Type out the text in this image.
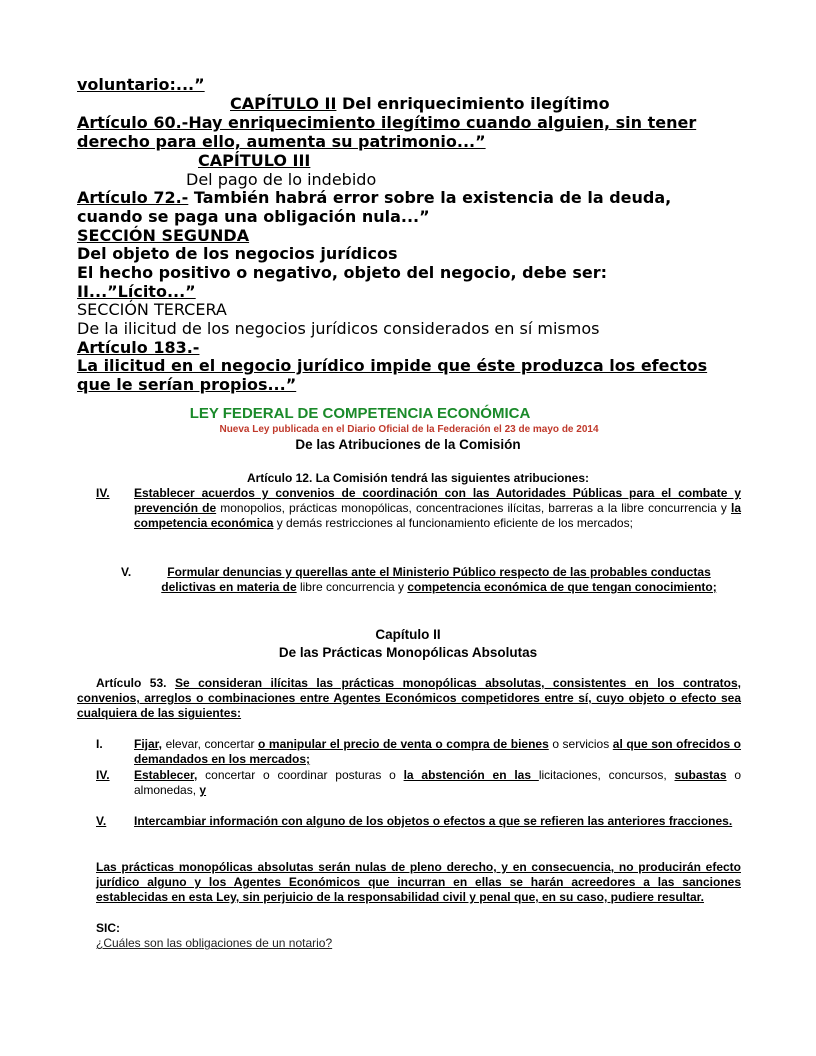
voluntario:...”
CAPÍTULO II Del enriquecimiento ilegítimo
Artículo 60.-Hay enriquecimiento ilegítimo cuando alguien, sin tener
derecho para ello, aumenta su patrimonio...”
CAPÍTULO III
Del pago de lo indebido
Artículo 72.- También habrá error sobre la existencia de la deuda,
cuando se paga una obligación nula...”
SECCIÓN SEGUNDA
Del objeto de los negocios jurídicos
El hecho positivo o negativo, objeto del negocio, debe ser:
II...”Lícito...”
SECCIÓN TERCERA
De la ilicitud de los negocios jurídicos considerados en sí mismos
Artículo 183.-
La ilicitud en el negocio jurídico impide que éste produzca los efectos
que le serían propios...”
LEY FEDERAL DE COMPETENCIA ECONÓMICA
Nueva Ley publicada en el Diario Oficial de la Federación el 23 de mayo de 2014
De las Atribuciones de la Comisión
Artículo 12. La Comisión tendrá las siguientes atribuciones:
IV. Establecer acuerdos y convenios de coordinación con las Autoridades Públicas para el combate y prevención de monopolios, prácticas monopólicas, concentraciones ilícitas, barreras a la libre concurrencia y la competencia económica y demás restricciones al funcionamiento eficiente de los mercados;
V.	Formular denuncias y querellas ante el Ministerio Público respecto de las probables conductas delictivas en materia de libre concurrencia y competencia económica de que tengan conocimiento;
Capítulo II
De las Prácticas Monopólicas Absolutas
Artículo 53. Se consideran ilícitas las prácticas monopólicas absolutas, consistentes en los contratos, convenios, arreglos o combinaciones entre Agentes Económicos competidores entre sí, cuyo objeto o efecto sea cualquiera de las siguientes:
I.	Fijar, elevar, concertar o manipular el precio de venta o compra de bienes o servicios al que son ofrecidos o demandados en los mercados;
IV. Establecer, concertar o coordinar posturas o la abstención en las licitaciones, concursos, subastas o almonedas, y
V. Intercambiar información con alguno de los objetos o efectos a que se refieren las anteriores fracciones.
Las prácticas monopólicas absolutas serán nulas de pleno derecho, y en consecuencia, no producirán efecto jurídico alguno y los Agentes Económicos que incurran en ellas se harán acreedores a las sanciones establecidas en esta Ley, sin perjuicio de la responsabilidad civil y penal que, en su caso, pudiere resultar.
SIC:
¿Cuáles son las obligaciones de un notario?
